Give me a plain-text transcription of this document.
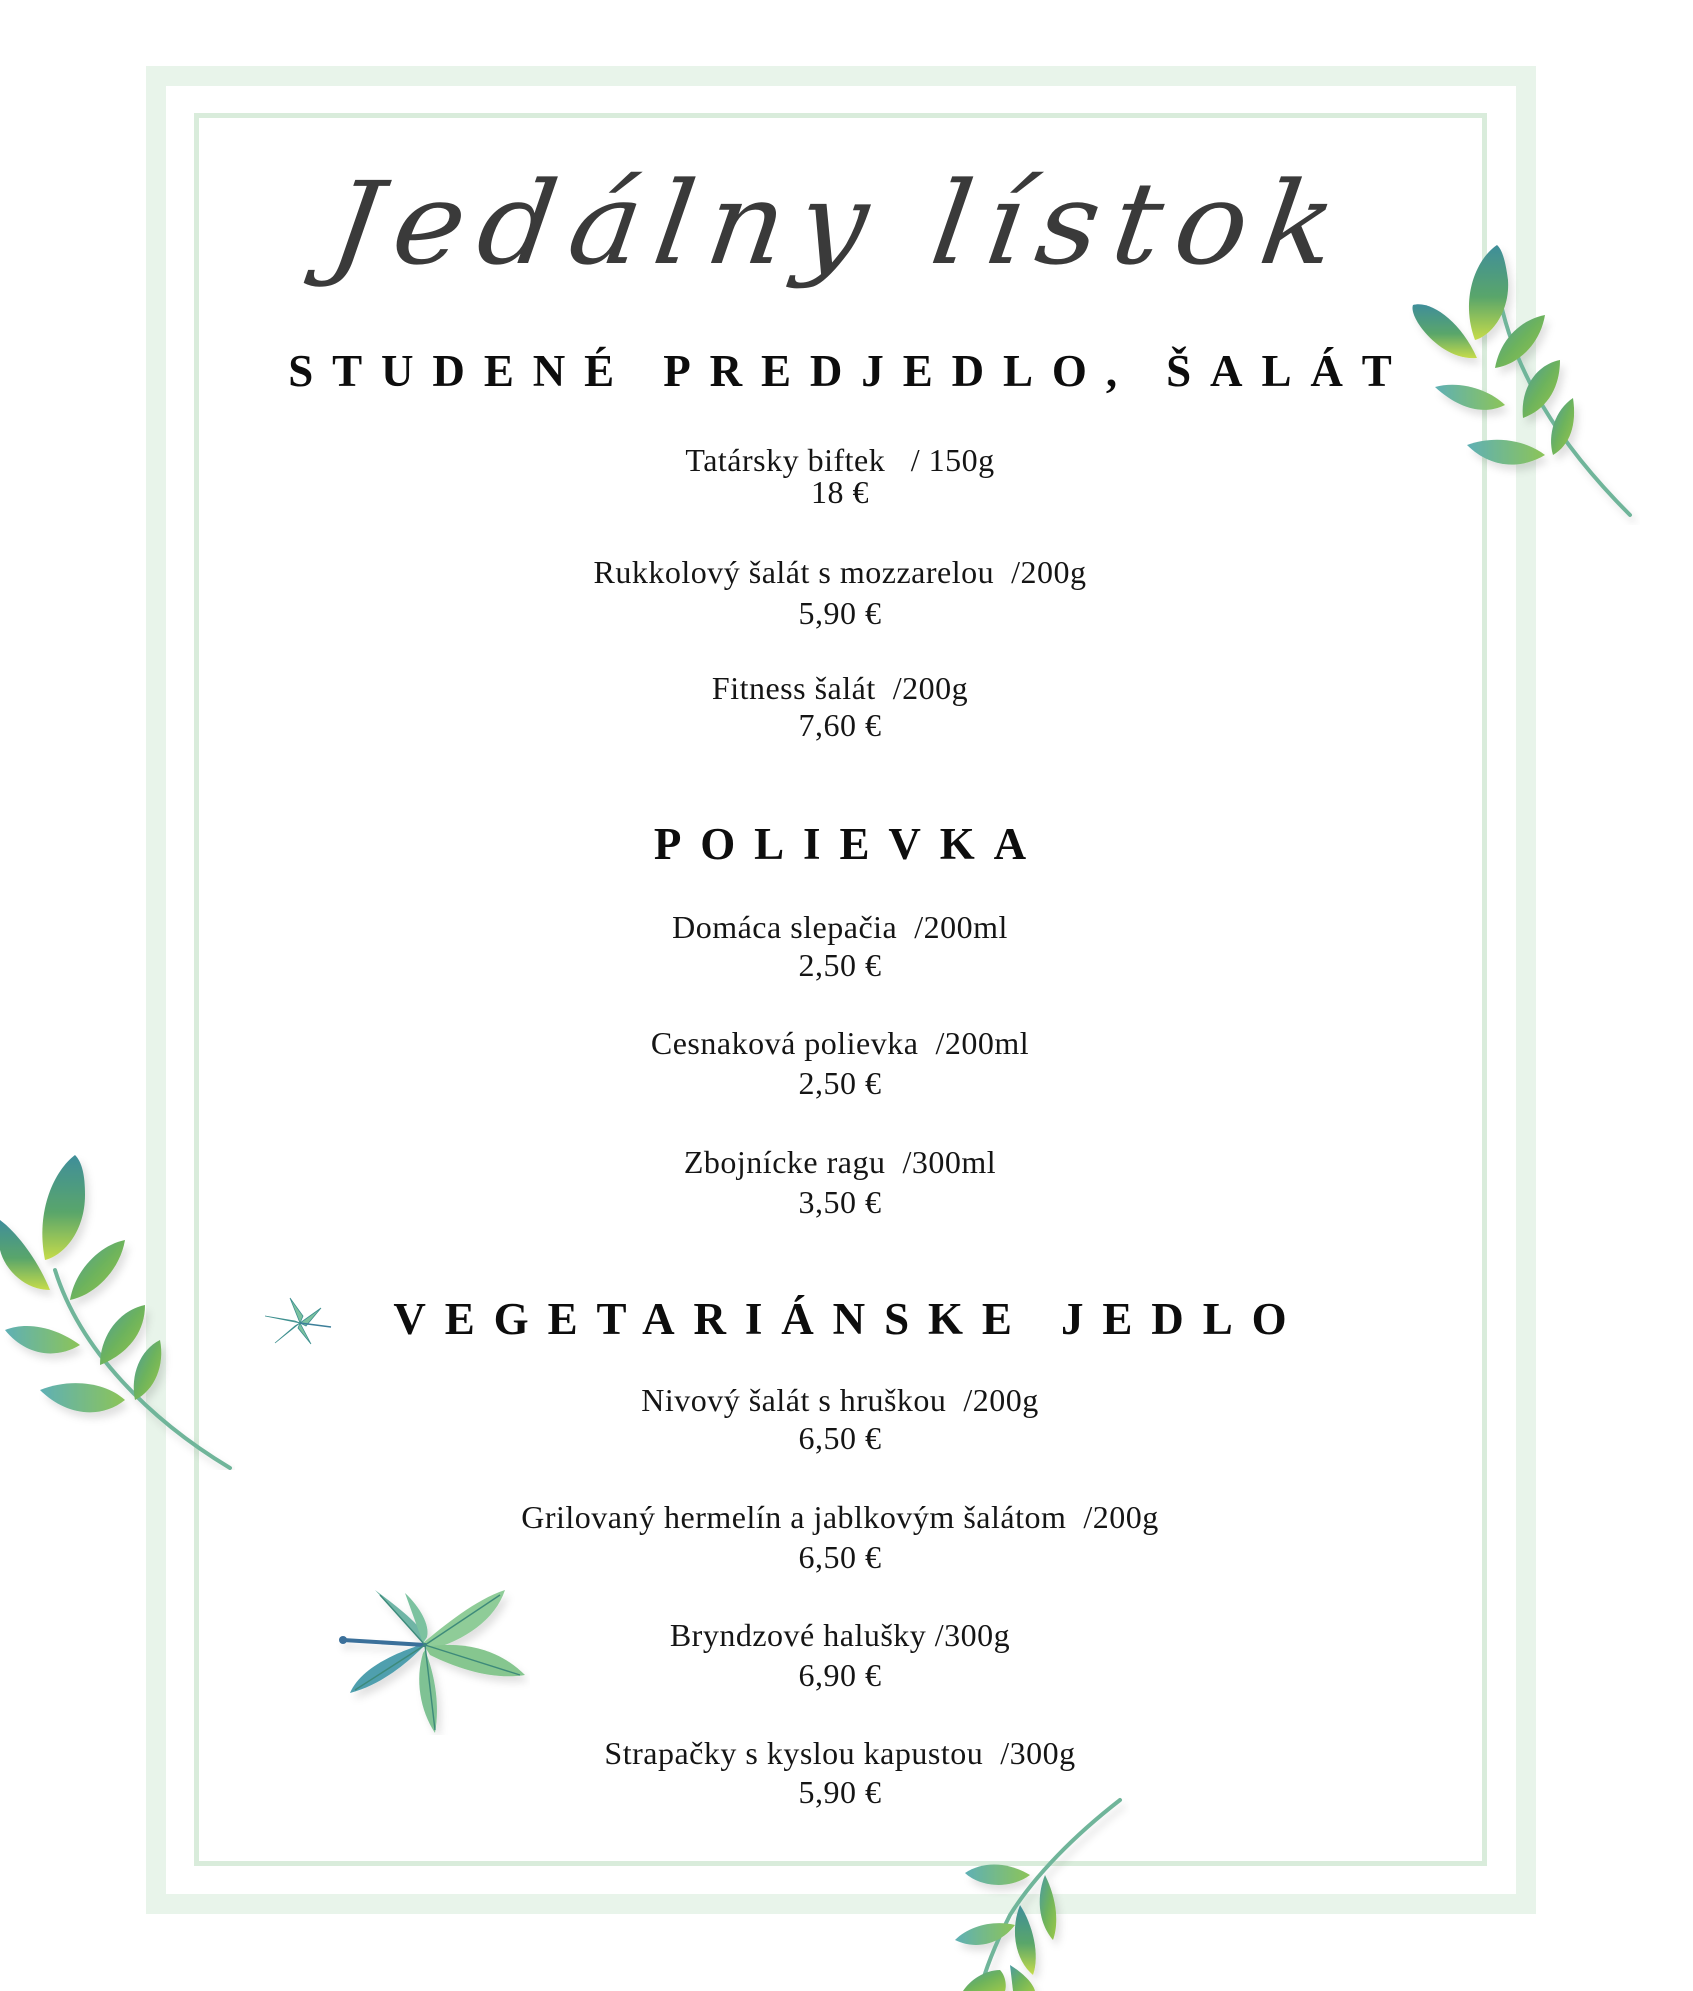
Jedálny lístok
STUDENÉ PREDJEDLO, ŠALÁT
Tatársky biftek   / 150g
18 €
Rukkolový šalát s mozzarelou  /200g
5,90 €
Fitness šalát  /200g
7,60 €
POLIEVKA
Domáca slepačia  /200ml
2,50 €
Cesnaková polievka  /200ml
2,50 €
Zbojnícke ragu  /300ml
3,50 €
VEGETARIÁNSKE JEDLO
Nivový šalát s hruškou  /200g
6,50 €
Grilovaný hermelín a jablkovým šalátom  /200g
6,50 €
Bryndzové halušky /300g
6,90 €
Strapačky s kyslou kapustou  /300g
5,90 €
